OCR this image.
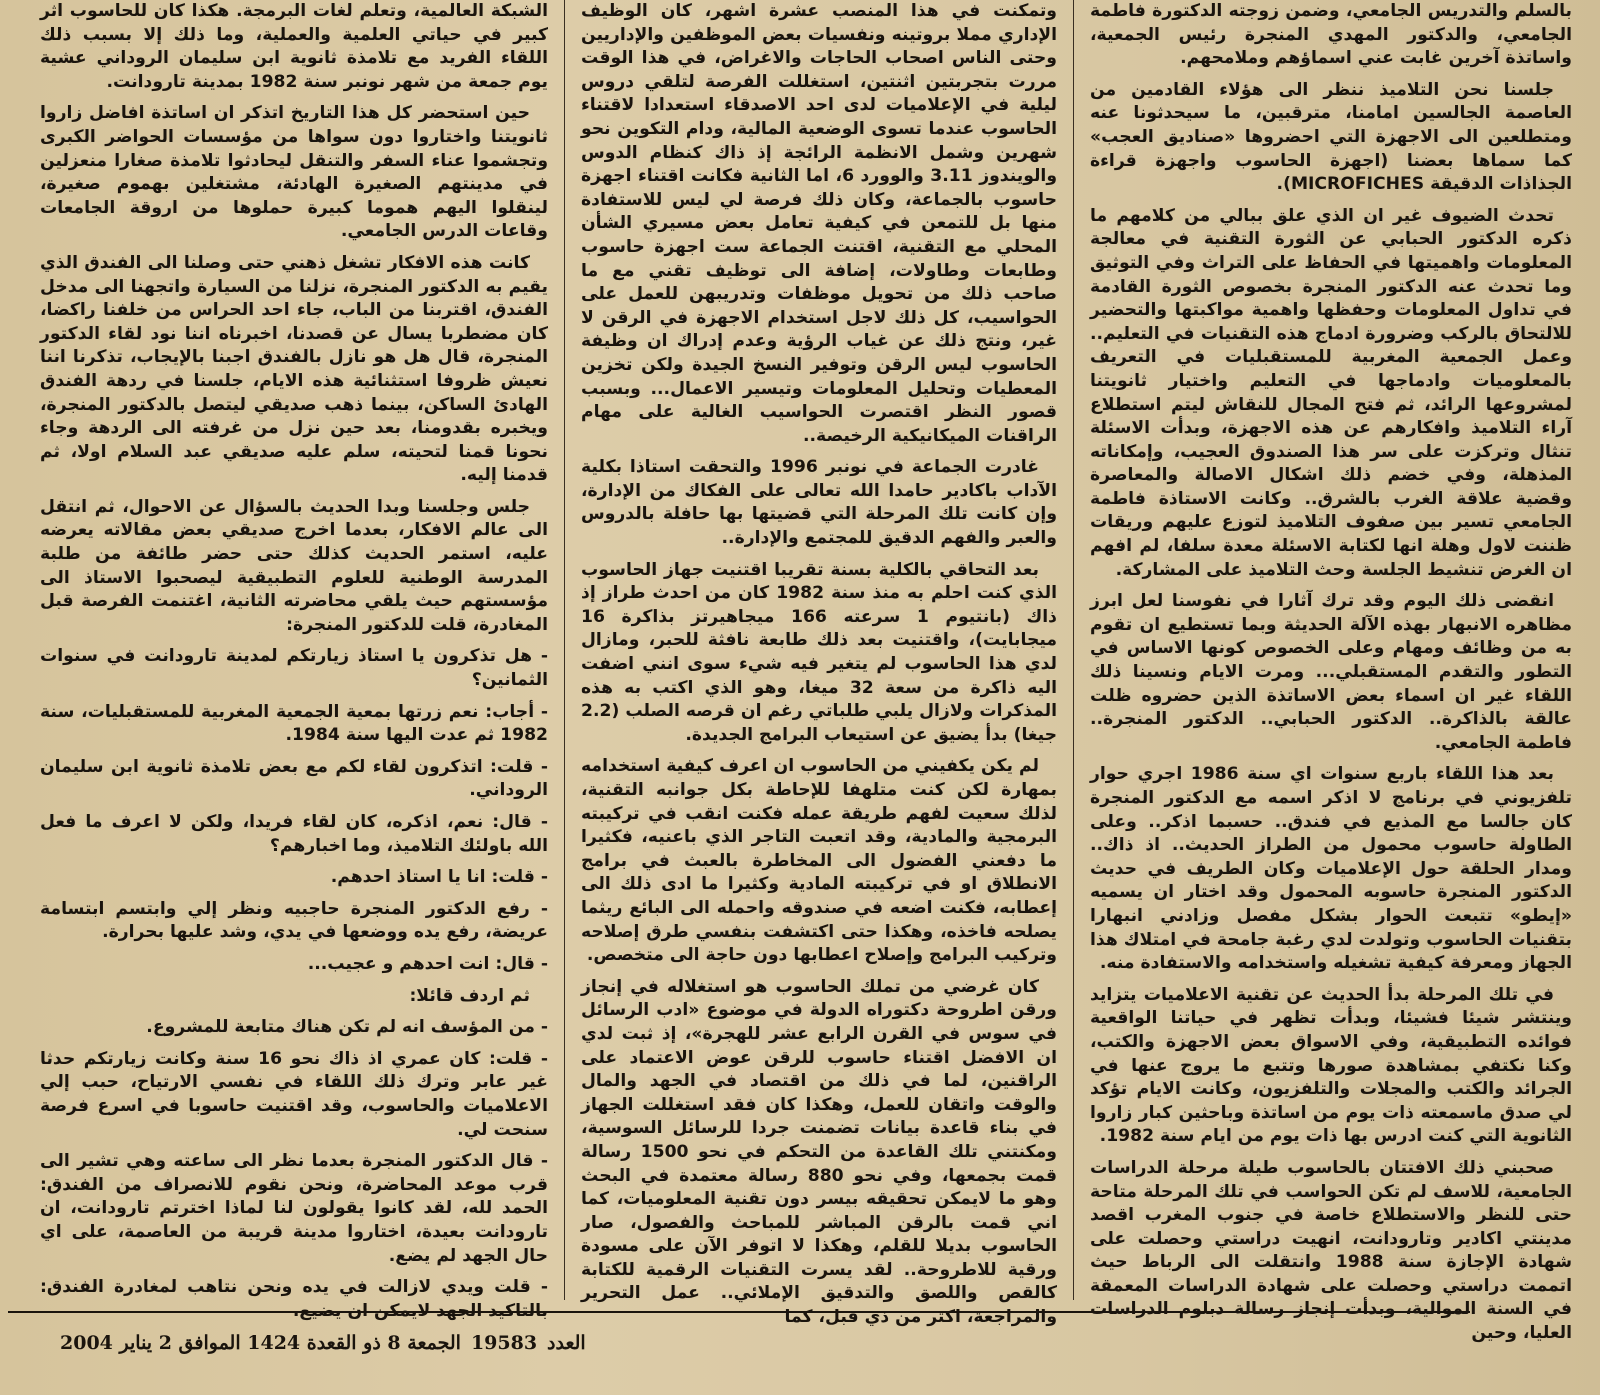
بالسلم والتدريس الجامعي، وضمن زوجته الدكتورة فاطمة الجامعي، والدكتور المهدي المنجرة رئيس الجمعية، واساتذة آخرين غابت عني اسماؤهم وملامحهم.

جلسنا نحن التلاميذ ننظر الى هؤلاء القادمين من العاصمة الجالسين امامنا، مترقبين، ما سيحدثونا عنه ومتطلعين الى الاجهزة التي احضروها «صناديق العجب» كما سماها بعضنا (اجهزة الحاسوب واجهزة قراءة الجذاذات الدقيقة MICROFICHES).

تحدث الضيوف غير ان الذي علق ببالي من كلامهم ما ذكره الدكتور الحبابي عن الثورة التقنية في معالجة المعلومات واهميتها في الحفاظ على التراث وفي التوثيق وما تحدث عنه الدكتور المنجرة بخصوص الثورة القادمة في تداول المعلومات وحفظها واهمية مواكبتها والتحضير للالتحاق بالركب وضرورة ادماج هذه التقنيات في التعليم.. وعمل الجمعية المغربية للمستقبليات في التعريف بالمعلوميات وادماجها في التعليم واختيار ثانويتنا لمشروعها الرائد، ثم فتح المجال للنقاش ليتم استطلاع آراء التلاميذ وافكارهم عن هذه الاجهزة، وبدأت الاسئلة تنثال وتركزت على سر هذا الصندوق العجيب، وإمكاناته المذهلة، وفي خضم ذلك اشكال الاصالة والمعاصرة وقضية علاقة الغرب بالشرق.. وكانت الاستاذة فاطمة الجامعي تسير بين صفوف التلاميذ لتوزع عليهم وريقات ظننت لاول وهلة انها لكتابة الاسئلة معدة سلفا، لم افهم ان الغرض تنشيط الجلسة وحث التلاميذ على المشاركة.

انقضى ذلك اليوم وقد ترك آثارا في نفوسنا لعل ابرز مظاهره الانبهار بهذه الآلة الحديثة وبما تستطيع ان تقوم به من وظائف ومهام وعلى الخصوص كونها الاساس في التطور والتقدم المستقبلي... ومرت الايام ونسينا ذلك اللقاء غير ان اسماء بعض الاساتذة الذين حضروه ظلت عالقة بالذاكرة.. الدكتور الحبابي.. الدكتور المنجرة.. فاطمة الجامعي.

بعد هذا اللقاء باربع سنوات اي سنة 1986 اجري حوار تلفزيوني في برنامج لا اذكر اسمه مع الدكتور المنجرة كان جالسا مع المذيع في فندق.. حسبما اذكر.. وعلى الطاولة حاسوب محمول من الطراز الحديث.. اذ ذاك.. ومدار الحلقة حول الإعلاميات وكان الطريف في حديث الدكتور المنجرة حاسوبه المحمول وقد اختار ان يسميه «إيطو» تتبعت الحوار بشكل مفصل وزادني انبهارا بتقنيات الحاسوب وتولدت لدي رغبة جامحة في امتلاك هذا الجهاز ومعرفة كيفية تشغيله واستخدامه والاستفادة منه.

في تلك المرحلة بدأ الحديث عن تقنية الاعلاميات يتزايد وينتشر شيئا فشيئا، وبدأت تظهر في حياتنا الواقعية فوائده التطبيقية، وفي الاسواق بعض الاجهزة والكتب، وكنا نكتفي بمشاهدة صورها وتتبع ما يروج عنها في الجرائد والكتب والمجلات والتلفزيون، وكانت الايام تؤكد لي صدق ماسمعته ذات يوم من اساتذة وباحثين كبار زاروا الثانوية التي كنت ادرس بها ذات يوم من ايام سنة 1982.

صحبني ذلك الافتتان بالحاسوب طيلة مرحلة الدراسات الجامعية، للاسف لم تكن الحواسب في تلك المرحلة متاحة حتى للنظر والاستطلاع خاصة في جنوب المغرب اقصد مدينتي اكادير وتارودانت، انهيت دراستي وحصلت على شهادة الإجازة سنة 1988 وانتقلت الى الرباط حيث اتممت دراستي وحصلت على شهادة الدراسات المعمقة في السنة الموالية، وبدأت إنجاز رسالة دبلوم الدراسات العليا، وحين

وتمكنت في هذا المنصب عشرة اشهر، كان الوظيف الإداري مملا بروتينه ونفسيات بعض الموظفين والإداريين وحتى الناس اصحاب الحاجات والاغراض، في هذا الوقت مررت بتجربتين اثنتين، استغللت الفرصة لتلقي دروس ليلية في الإعلاميات لدى احد الاصدقاء استعدادا لاقتناء الحاسوب عندما تسوى الوضعية المالية، ودام التكوين نحو شهرين وشمل الانظمة الرائجة إذ ذاك كنظام الدوس والويندوز 3.11 والوورد 6، اما الثانية فكانت اقتناء اجهزة حاسوب بالجماعة، وكان ذلك فرصة لي ليس للاستفادة منها بل للتمعن في كيفية تعامل بعض مسيري الشأن المحلي مع التقنية، اقتنت الجماعة ست اجهزة حاسوب وطابعات وطاولات، إضافة الى توظيف تقني مع ما صاحب ذلك من تحويل موظفات وتدريبهن للعمل على الحواسيب، كل ذلك لاجل استخدام الاجهزة في الرقن لا غير، ونتج ذلك عن غياب الرؤية وعدم إدراك ان وظيفة الحاسوب ليس الرقن وتوفير النسخ الجيدة ولكن تخزين المعطيات وتحليل المعلومات وتيسير الاعمال... وبسبب قصور النظر اقتصرت الحواسيب الغالية على مهام الراقنات الميكانيكية الرخيصة..

غادرت الجماعة في نونبر 1996 والتحقت استاذا بكلية الآداب باكادير حامدا الله تعالى على الفكاك من الإدارة، وإن كانت تلك المرحلة التي قضيتها بها حافلة بالدروس والعبر والفهم الدقيق للمجتمع والإدارة..

بعد التحاقي بالكلية بسنة تقريبا اقتنيت جهاز الحاسوب الذي كنت احلم به منذ سنة 1982 كان من احدث طراز إذ ذاك (بانتيوم 1 سرعته 166 ميجاهيرتز بذاكرة 16 ميجابايت)، واقتنيت بعد ذلك طابعة نافثة للحبر، ومازال لدي هذا الحاسوب لم يتغير فيه شيء سوى انني اضفت اليه ذاكرة من سعة 32 ميغا، وهو الذي اكتب به هذه المذكرات ولازال يلبي طلباتي رغم ان قرصه الصلب (2.2 جيغا) بدأ يضيق عن استيعاب البرامج الجديدة.

لم يكن يكفيني من الحاسوب ان اعرف كيفية استخدامه بمهارة لكن كنت متلهفا للإحاطة بكل جوانبه التقنية، لذلك سعيت لفهم طريقة عمله فكنت انقب في تركيبته البرمجية والمادية، وقد اتعبت التاجر الذي باعنيه، فكثيرا ما دفعني الفضول الى المخاطرة بالعبث في برامج الانطلاق او في تركيبته المادية وكثيرا ما ادى ذلك الى إعطابه، فكنت اضعه في صندوقه واحمله الى البائع ريثما يصلحه فاخذه، وهكذا حتى اكتشفت بنفسي طرق إصلاحه وتركيب البرامج وإصلاح اعطابها دون حاجة الى متخصص.

كان غرضي من تملك الحاسوب هو استغلاله في إنجاز ورقن اطروحة دكتوراه الدولة في موضوع «ادب الرسائل في سوس في القرن الرابع عشر للهجرة»، إذ ثبت لدي ان الافضل اقتناء حاسوب للرقن عوض الاعتماد على الراقنين، لما في ذلك من اقتصاد في الجهد والمال والوقت واتقان للعمل، وهكذا كان فقد استغللت الجهاز في بناء قاعدة بيانات تضمنت جردا للرسائل السوسية، ومكنتني تلك القاعدة من التحكم في نحو 1500 رسالة قمت بجمعها، وفي نحو 880 رسالة معتمدة في البحث وهو ما لايمكن تحقيقه بيسر دون تقنية المعلوميات، كما اني قمت بالرقن المباشر للمباحث والفصول، صار الحاسوب بديلا للقلم، وهكذا لا اتوفر الآن على مسودة ورقية للاطروحة.. لقد يسرت التقنيات الرقمية للكتابة كالقص واللصق والتدقيق الإملائي.. عمل التحرير والمراجعة، اكثر من ذي قبل، كما

الشبكة العالمية، وتعلم لغات البرمجة. هكذا كان للحاسوب اثر كبير في حياتي العلمية والعملية، وما ذلك إلا بسبب ذلك اللقاء الفريد مع تلامذة ثانوية ابن سليمان الروداني عشية يوم جمعة من شهر نونبر سنة 1982 بمدينة تارودانت.

حين استحضر كل هذا التاريخ اتذكر ان اساتذة افاضل زاروا ثانويتنا واختاروا دون سواها من مؤسسات الحواضر الكبرى وتجشموا عناء السفر والتنقل ليحادثوا تلامذة صغارا منعزلين في مدينتهم الصغيرة الهادئة، مشتغلين بهموم صغيرة، لينقلوا اليهم هموما كبيرة حملوها من اروقة الجامعات وقاعات الدرس الجامعي.

كانت هذه الافكار تشغل ذهني حتى وصلنا الى الفندق الذي يقيم به الدكتور المنجرة، نزلنا من السيارة واتجهنا الى مدخل الفندق، اقتربنا من الباب، جاء احد الحراس من خلفنا راكضا، كان مضطربا يسال عن قصدنا، اخبرناه اننا نود لقاء الدكتور المنجرة، قال هل هو نازل بالفندق اجبنا بالإيجاب، تذكرنا اننا نعيش ظروفا استثنائية هذه الايام، جلسنا في ردهة الفندق الهادئ الساكن، بينما ذهب صديقي ليتصل بالدكتور المنجرة، ويخبره بقدومنا، بعد حين نزل من غرفته الى الردهة وجاء نحونا قمنا لتحيته، سلم عليه صديقي عبد السلام اولا، ثم قدمنا إليه.

جلس وجلسنا وبدا الحديث بالسؤال عن الاحوال، ثم انتقل الى عالم الافكار، بعدما اخرج صديقي بعض مقالاته يعرضه عليه، استمر الحديث كذلك حتى حضر طائفة من طلبة المدرسة الوطنية للعلوم التطبيقية ليصحبوا الاستاذ الى مؤسستهم حيث يلقي محاضرته الثانية، اغتنمت الفرصة قبل المغادرة، قلت للدكتور المنجرة:

- هل تذكرون يا استاذ زيارتكم لمدينة تارودانت في سنوات الثمانين؟

- أجاب: نعم زرتها بمعية الجمعية المغربية للمستقبليات، سنة 1982 ثم عدت اليها سنة 1984.

- قلت: اتذكرون لقاء لكم مع بعض تلامذة ثانوية ابن سليمان الروداني.

- قال: نعم، اذكره، كان لقاء فريدا، ولكن لا اعرف ما فعل الله باولئك التلاميذ، وما اخبارهم؟

- قلت: انا يا استاذ احدهم.

- رفع الدكتور المنجرة حاجبيه ونظر إلي وابتسم ابتسامة عريضة، رفع يده ووضعها في يدي، وشد عليها بحرارة.

- قال: انت احدهم و عجيب...

ثم اردف قائلا:

- من المؤسف انه لم تكن هناك متابعة للمشروع.

- قلت: كان عمري اذ ذاك نحو 16 سنة وكانت زيارتكم حدثا غير عابر وترك ذلك اللقاء في نفسي الارتياح، حبب إلي الاعلاميات والحاسوب، وقد اقتنيت حاسوبا في اسرع فرصة سنحت لي.

- قال الدكتور المنجرة بعدما نظر الى ساعته وهي تشير الى قرب موعد المحاضرة، ونحن نقوم للانصراف من الفندق: الحمد لله، لقد كانوا يقولون لنا لماذا اخترتم تارودانت، ان تارودانت بعيدة، اختاروا مدينة قريبة من العاصمة، على اي حال الجهد لم يضع.

- قلت ويدي لازالت في يده ونحن نتاهب لمغادرة الفندق: بالتاكيد الجهد لايمكن ان يضيع.

العدد19583الجمعة 8 ذو القعدة 1424 الموافق 2 يناير 2004
